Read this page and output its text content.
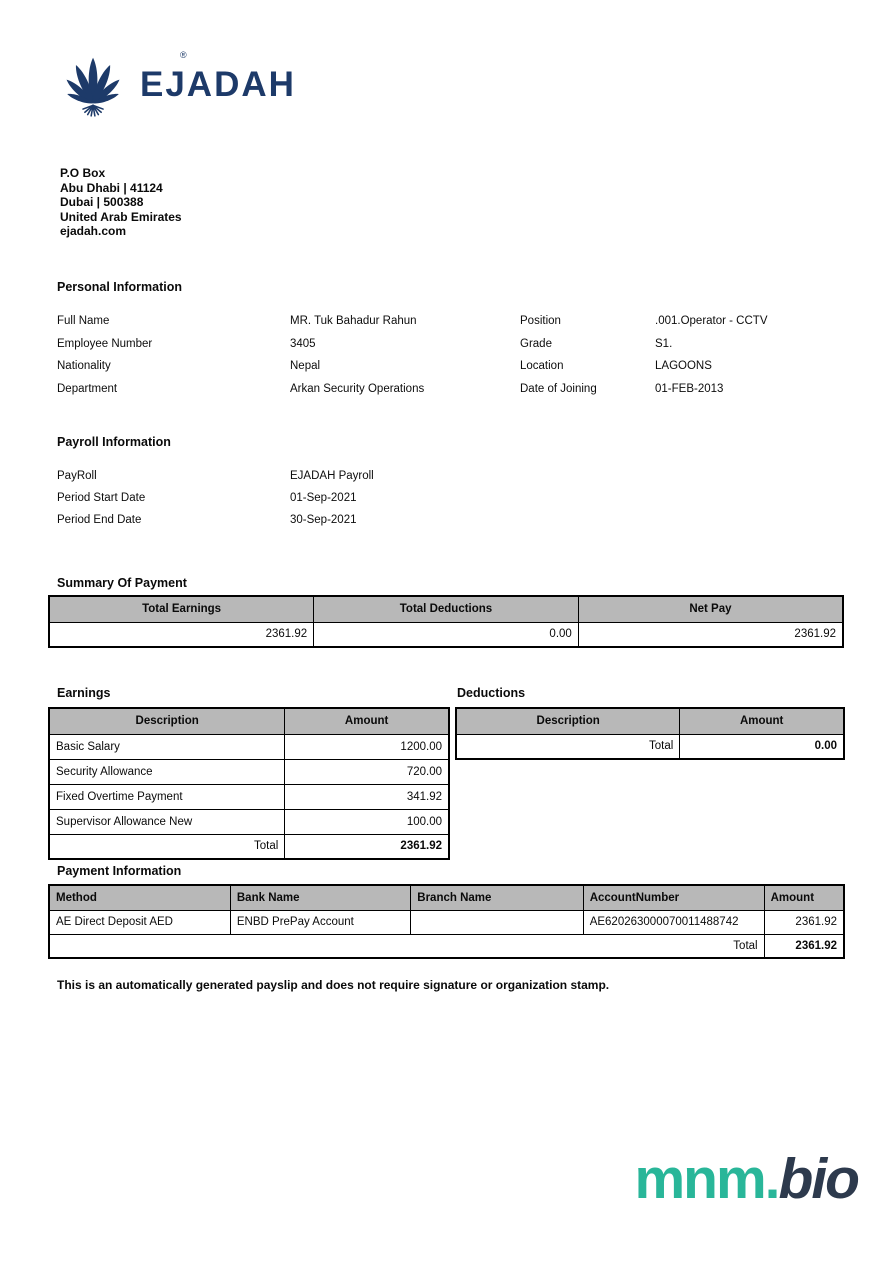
®
EJADAH
P.O Box
Abu Dhabi | 41124
Dubai | 500388
United Arab Emirates
ejadah.com
Personal Information
Full Name	MR. Tuk Bahadur Rahun	Position	.001.Operator - CCTV
Employee Number	3405	Grade	S1.
Nationality	Nepal	Location	LAGOONS
Department	Arkan Security Operations	Date of Joining	01-FEB-2013
Payroll Information
PayRoll	EJADAH Payroll
Period Start Date	01-Sep-2021
Period End Date	30-Sep-2021
Summary Of Payment
Total Earnings	Total Deductions	Net Pay
2361.92	0.00	2361.92
Earnings
Description	Amount
Basic Salary	1200.00
Security Allowance	720.00
Fixed Overtime Payment	341.92
Supervisor Allowance New	100.00
Total	2361.92
Deductions
Description	Amount
Total	0.00
Payment Information
Method	Bank Name	Branch Name	AccountNumber	Amount
AE Direct Deposit AED	ENBD PrePay Account		AE620263000070011488742	2361.92
Total				2361.92
This is an automatically generated payslip and does not require signature or organization stamp.
mnm.bio
